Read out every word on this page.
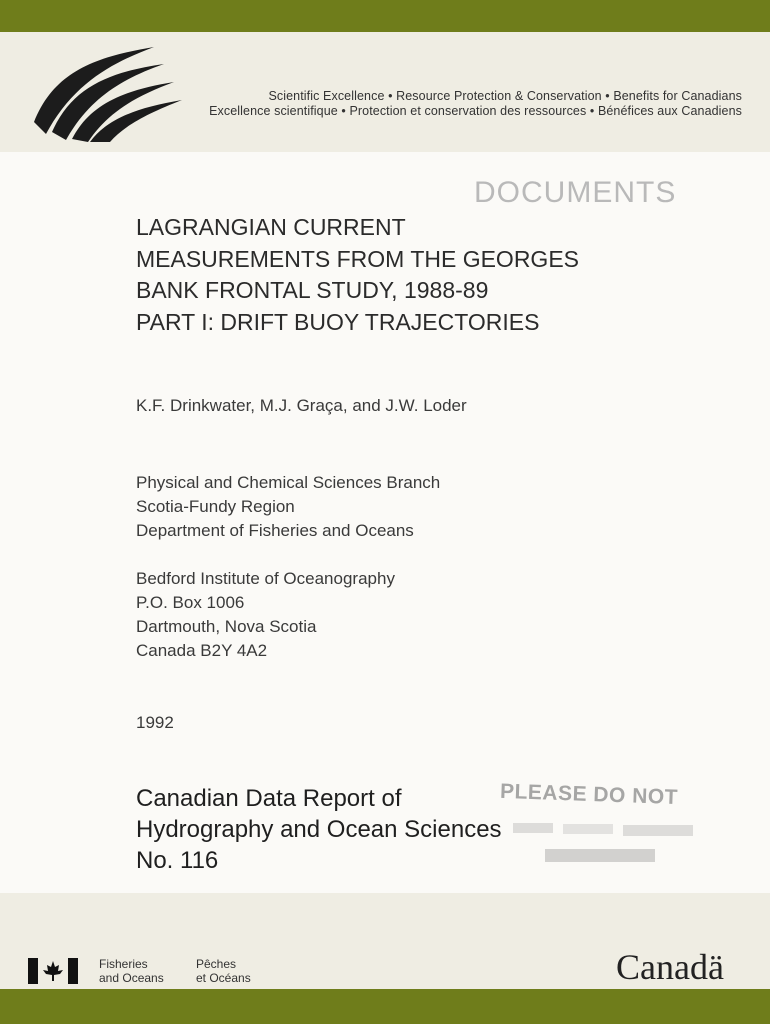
Scientific Excellence • Resource Protection & Conservation • Benefits for Canadians
Excellence scientifique • Protection et conservation des ressources • Bénéfices aux Canadiens
DOCUMENTS
LAGRANGIAN CURRENT
MEASUREMENTS FROM THE GEORGES
BANK FRONTAL STUDY, 1988-89
PART I: DRIFT BUOY TRAJECTORIES
K.F. Drinkwater, M.J. Graça, and J.W. Loder
Physical and Chemical Sciences Branch
Scotia-Fundy Region
Department of Fisheries and Oceans
Bedford Institute of Oceanography
P.O. Box 1006
Dartmouth, Nova Scotia
Canada B2Y 4A2
1992
Canadian Data Report of
Hydrography and Ocean Sciences
No. 116
PLEASE DO NOT
Fisheries
and Oceans
Pêches
et Océans	Canadä
